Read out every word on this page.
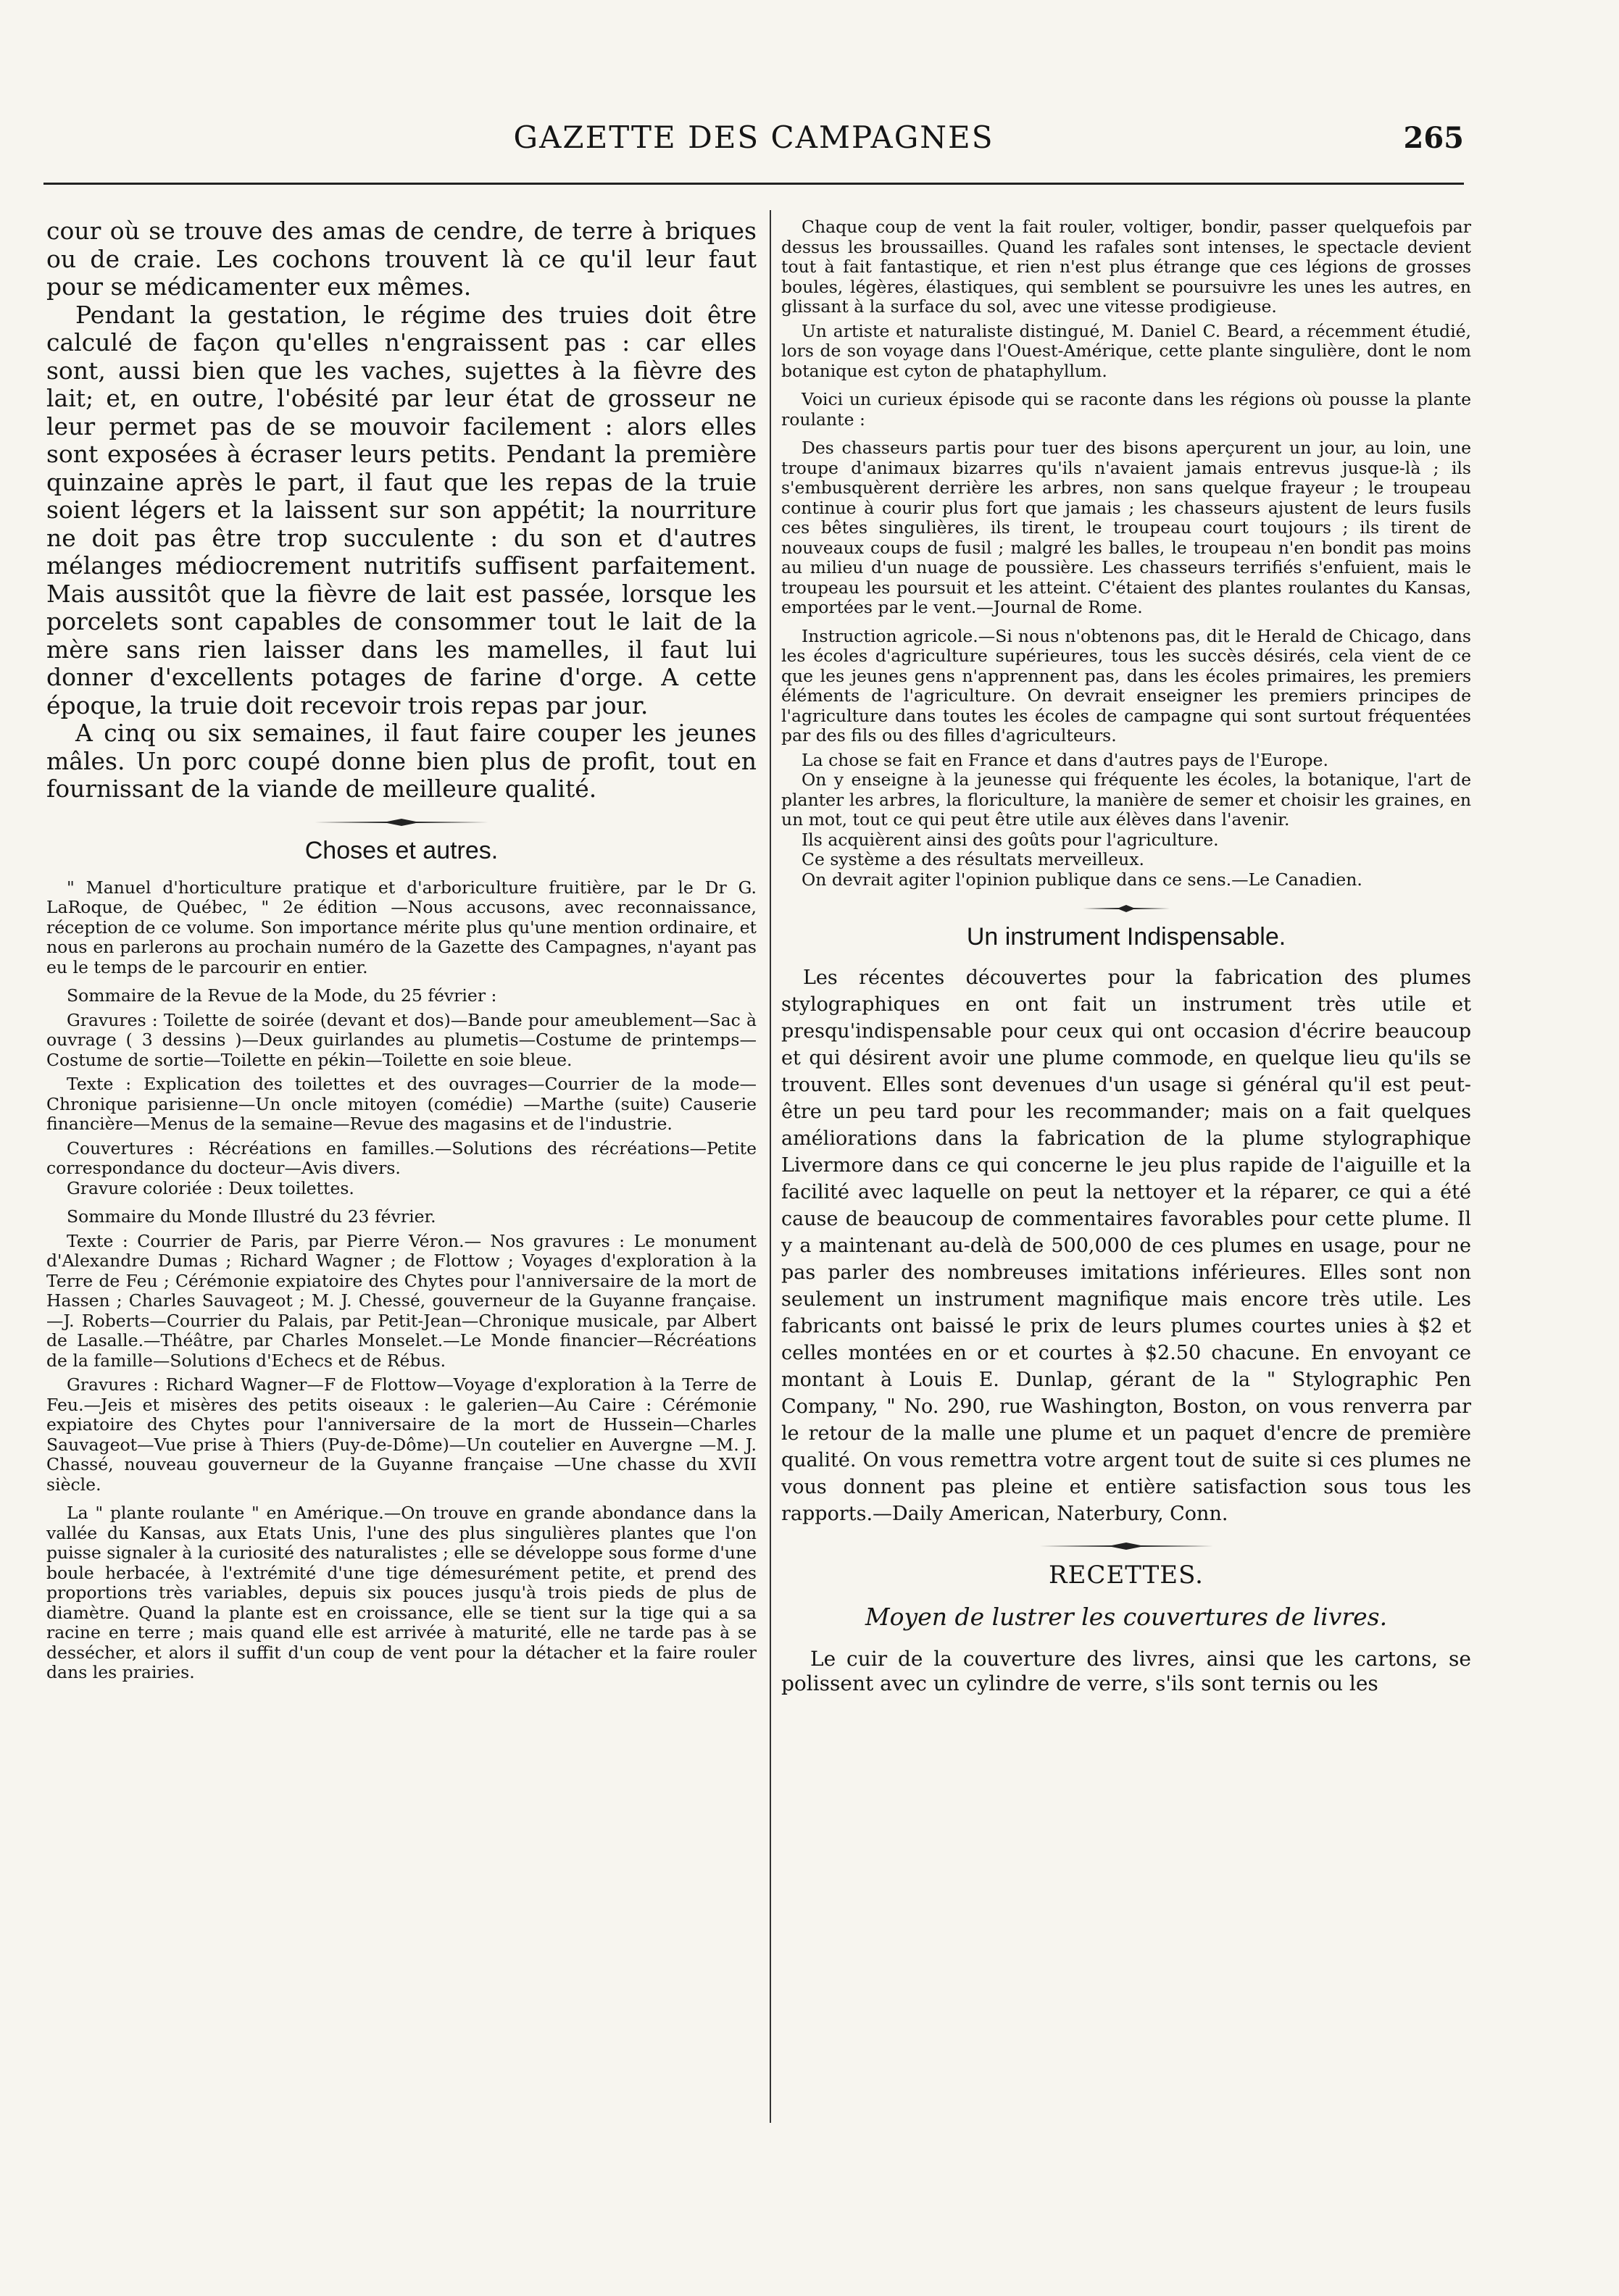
GAZETTE DES CAMPAGNES	265

cour où se trouve des amas de cendre, de terre à briques ou de craie. Les cochons trouvent là ce qu'il leur faut pour se médicamenter eux mêmes.

Pendant la gestation, le régime des truies doit être calculé de façon qu'elles n'engraissent pas : car elles sont, aussi bien que les vaches, sujettes à la fièvre des lait; et, en outre, l'obésité par leur état de grosseur ne leur permet pas de se mouvoir facilement : alors elles sont exposées à écraser leurs petits. Pendant la première quinzaine après le part, il faut que les repas de la truie soient légers et la laissent sur son appétit; la nourriture ne doit pas être trop succulente : du son et d'autres mélanges médiocrement nutritifs suffisent parfaitement. Mais aussitôt que la fièvre de lait est passée, lorsque les porcelets sont capables de consommer tout le lait de la mère sans rien laisser dans les mamelles, il faut lui donner d'excellents potages de farine d'orge. A cette époque, la truie doit recevoir trois repas par jour.

A cinq ou six semaines, il faut faire couper les jeunes mâles. Un porc coupé donne bien plus de profit, tout en fournissant de la viande de meilleure qualité.

Choses et autres.

" Manuel d'horticulture pratique et d'arboriculture fruitière, par le Dr G. LaRoque, de Québec, " 2e édition —Nous accusons, avec reconnaissance, réception de ce volume. Son importance mérite plus qu'une mention ordinaire, et nous en parlerons au prochain numéro de la Gazette des Campagnes, n'ayant pas eu le temps de le parcourir en entier.

Sommaire de la Revue de la Mode, du 25 février :

Gravures : Toilette de soirée (devant et dos)—Bande pour ameublement—Sac à ouvrage ( 3 dessins )—Deux guirlandes au plumetis—Costume de printemps—Costume de sortie—Toilette en pékin—Toilette en soie bleue.

Texte : Explication des toilettes et des ouvrages—Courrier de la mode—Chronique parisienne—Un oncle mitoyen (comédie) —Marthe (suite) Causerie financière—Menus de la semaine—Revue des magasins et de l'industrie.

Couvertures : Récréations en familles.—Solutions des récréations—Petite correspondance du docteur—Avis divers.

Gravure coloriée : Deux toilettes.

Sommaire du Monde Illustré du 23 février.

Texte : Courrier de Paris, par Pierre Véron.— Nos gravures : Le monument d'Alexandre Dumas ; Richard Wagner ; de Flottow ; Voyages d'exploration à la Terre de Feu ; Cérémonie expiatoire des Chytes pour l'anniversaire de la mort de Hassen ; Charles Sauvageot ; M. J. Chessé, gouverneur de la Guyanne française.—J. Roberts—Courrier du Palais, par Petit-Jean—Chronique musicale, par Albert de Lasalle.—Théâtre, par Charles Monselet.—Le Monde financier—Récréations de la famille—Solutions d'Echecs et de Rébus.

Gravures : Richard Wagner—F de Flottow—Voyage d'exploration à la Terre de Feu.—Jeis et misères des petits oiseaux : le galerien—Au Caire : Cérémonie expiatoire des Chytes pour l'anniversaire de la mort de Hussein—Charles Sauvageot—Vue prise à Thiers (Puy-de-Dôme)—Un coutelier en Auvergne —M. J. Chassé, nouveau gouverneur de la Guyanne française —Une chasse du XVII siècle.

La " plante roulante " en Amérique.—On trouve en grande abondance dans la vallée du Kansas, aux Etats Unis, l'une des plus singulières plantes que l'on puisse signaler à la curiosité des naturalistes ; elle se développe sous forme d'une boule herbacée, à l'extrémité d'une tige démesurément petite, et prend des proportions très variables, depuis six pouces jusqu'à trois pieds de plus de diamètre. Quand la plante est en croissance, elle se tient sur la tige qui a sa racine en terre ; mais quand elle est arrivée à maturité, elle ne tarde pas à se dessécher, et alors il suffit d'un coup de vent pour la détacher et la faire rouler dans les prairies.

Chaque coup de vent la fait rouler, voltiger, bondir, passer quelquefois par dessus les broussailles. Quand les rafales sont intenses, le spectacle devient tout à fait fantastique, et rien n'est plus étrange que ces légions de grosses boules, légères, élastiques, qui semblent se poursuivre les unes les autres, en glissant à la surface du sol, avec une vitesse prodigieuse.

Un artiste et naturaliste distingué, M. Daniel C. Beard, a récemment étudié, lors de son voyage dans l'Ouest-Amérique, cette plante singulière, dont le nom botanique est cyton de phataphyllum.

Voici un curieux épisode qui se raconte dans les régions où pousse la plante roulante :

Des chasseurs partis pour tuer des bisons aperçurent un jour, au loin, une troupe d'animaux bizarres qu'ils n'avaient jamais entrevus jusque-là ; ils s'embusquèrent derrière les arbres, non sans quelque frayeur ; le troupeau continue à courir plus fort que jamais ; les chasseurs ajustent de leurs fusils ces bêtes singulières, ils tirent, le troupeau court toujours ; ils tirent de nouveaux coups de fusil ; malgré les balles, le troupeau n'en bondit pas moins au milieu d'un nuage de poussière. Les chasseurs terrifiés s'enfuient, mais le troupeau les poursuit et les atteint. C'étaient des plantes roulantes du Kansas, emportées par le vent.—Journal de Rome.

Instruction agricole.—Si nous n'obtenons pas, dit le Herald de Chicago, dans les écoles d'agriculture supérieures, tous les succès désirés, cela vient de ce que les jeunes gens n'apprennent pas, dans les écoles primaires, les premiers éléments de l'agriculture. On devrait enseigner les premiers principes de l'agriculture dans toutes les écoles de campagne qui sont surtout fréquentées par des fils ou des filles d'agriculteurs.

La chose se fait en France et dans d'autres pays de l'Europe.

On y enseigne à la jeunesse qui fréquente les écoles, la botanique, l'art de planter les arbres, la floriculture, la manière de semer et choisir les graines, en un mot, tout ce qui peut être utile aux élèves dans l'avenir.

Ils acquièrent ainsi des goûts pour l'agriculture.

Ce système a des résultats merveilleux.

On devrait agiter l'opinion publique dans ce sens.—Le Canadien.

Un instrument Indispensable.

Les récentes découvertes pour la fabrication des plumes stylographiques en ont fait un instrument très utile et presqu'indispensable pour ceux qui ont occasion d'écrire beaucoup et qui désirent avoir une plume commode, en quelque lieu qu'ils se trouvent. Elles sont devenues d'un usage si général qu'il est peut-être un peu tard pour les recommander; mais on a fait quelques améliorations dans la fabrication de la plume stylographique Livermore dans ce qui concerne le jeu plus rapide de l'aiguille et la facilité avec laquelle on peut la nettoyer et la réparer, ce qui a été cause de beaucoup de commentaires favorables pour cette plume. Il y a maintenant au-delà de 500,000 de ces plumes en usage, pour ne pas parler des nombreuses imitations inférieures. Elles sont non seulement un instrument magnifique mais encore très utile. Les fabricants ont baissé le prix de leurs plumes courtes unies à $2 et celles montées en or et courtes à $2.50 chacune. En envoyant ce montant à Louis E. Dunlap, gérant de la " Stylographic Pen Company, " No. 290, rue Washington, Boston, on vous renverra par le retour de la malle une plume et un paquet d'encre de première qualité. On vous remettra votre argent tout de suite si ces plumes ne vous donnent pas pleine et entière satisfaction sous tous les rapports.—Daily American, Naterbury, Conn.

RECETTES.
Moyen de lustrer les couvertures de livres.

Le cuir de la couverture des livres, ainsi que les cartons, se polissent avec un cylindre de verre, s'ils sont ternis ou les
